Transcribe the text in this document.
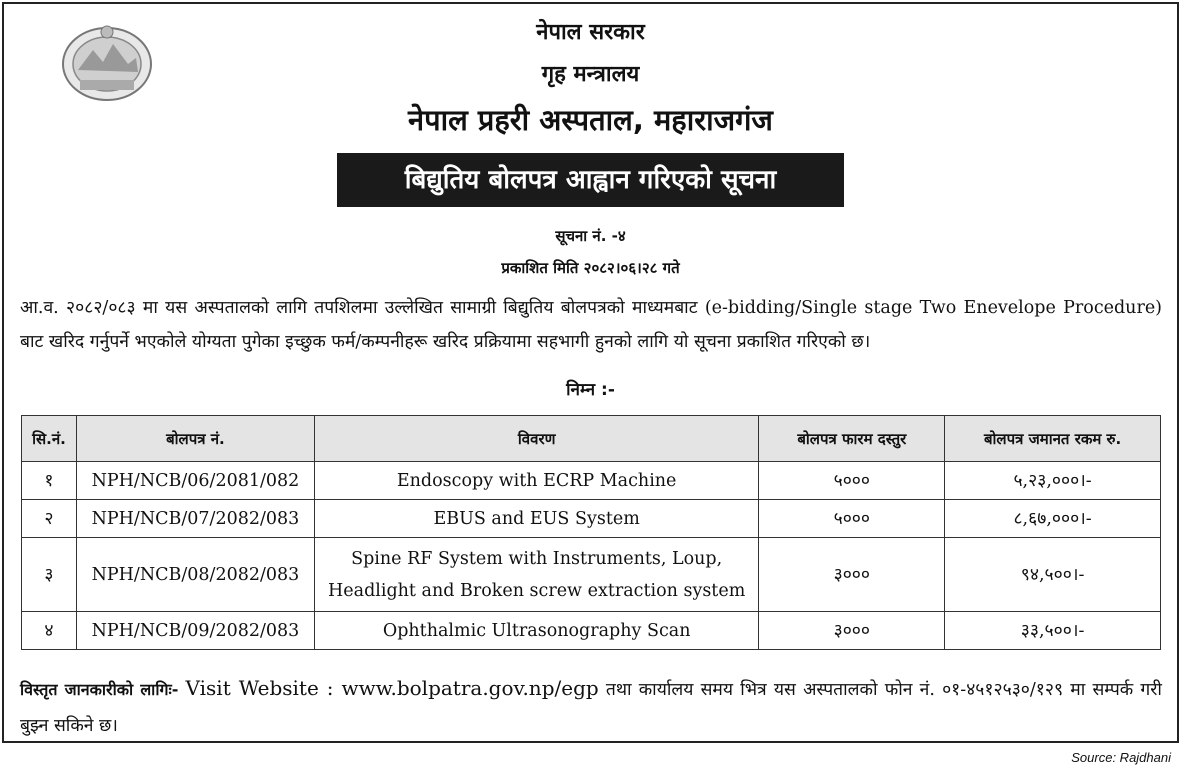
नेपाल सरकार
गृह मन्त्रालय
नेपाल प्रहरी अस्पताल, महाराजगंज
बिद्युतिय बोलपत्र आह्वान गरिएको सूचना
सूचना नं. -४
प्रकाशित मिति २०८२।०६।२८ गते

आ.व. २०८२/०८३ मा यस अस्पतालको लागि तपशिलमा उल्लेखित सामाग्री बिद्युतिय बोलपत्रको माध्यमबाट (e-bidding/Single stage Two Enevelope Procedure) बाट खरिद गर्नुपर्ने भएकोले योग्यता पुगेका इच्छुक फर्म/कम्पनीहरू खरिद प्रक्रियामा सहभागी हुनको लागि यो सूचना प्रकाशित गरिएको छ।

निम्न :-
सि.नं.	बोलपत्र नं.	विवरण	बोलपत्र फारम दस्तुर	बोलपत्र जमानत रकम रु.
१	NPH/NCB/06/2081/082	Endoscopy with ECRP Machine	५०००	५,२३,०००।-
२	NPH/NCB/07/2082/083	EBUS and EUS System	५०००	८,६७,०००।-
३	NPH/NCB/08/2082/083	Spine RF System with Instruments, Loup, Headlight and Broken screw extraction system	३०००	९४,५००।-
४	NPH/NCB/09/2082/083	Ophthalmic Ultrasonography Scan	३०००	३३,५००।-

विस्तृत जानकारीको लागिः- Visit Website : www.bolpatra.gov.np/egp तथा कार्यालय समय भित्र यस अस्पतालको फोन नं. ०१-४५१२५३०/१२९ मा सम्पर्क गरी बुझ्न सकिने छ।

Source: Rajdhani
